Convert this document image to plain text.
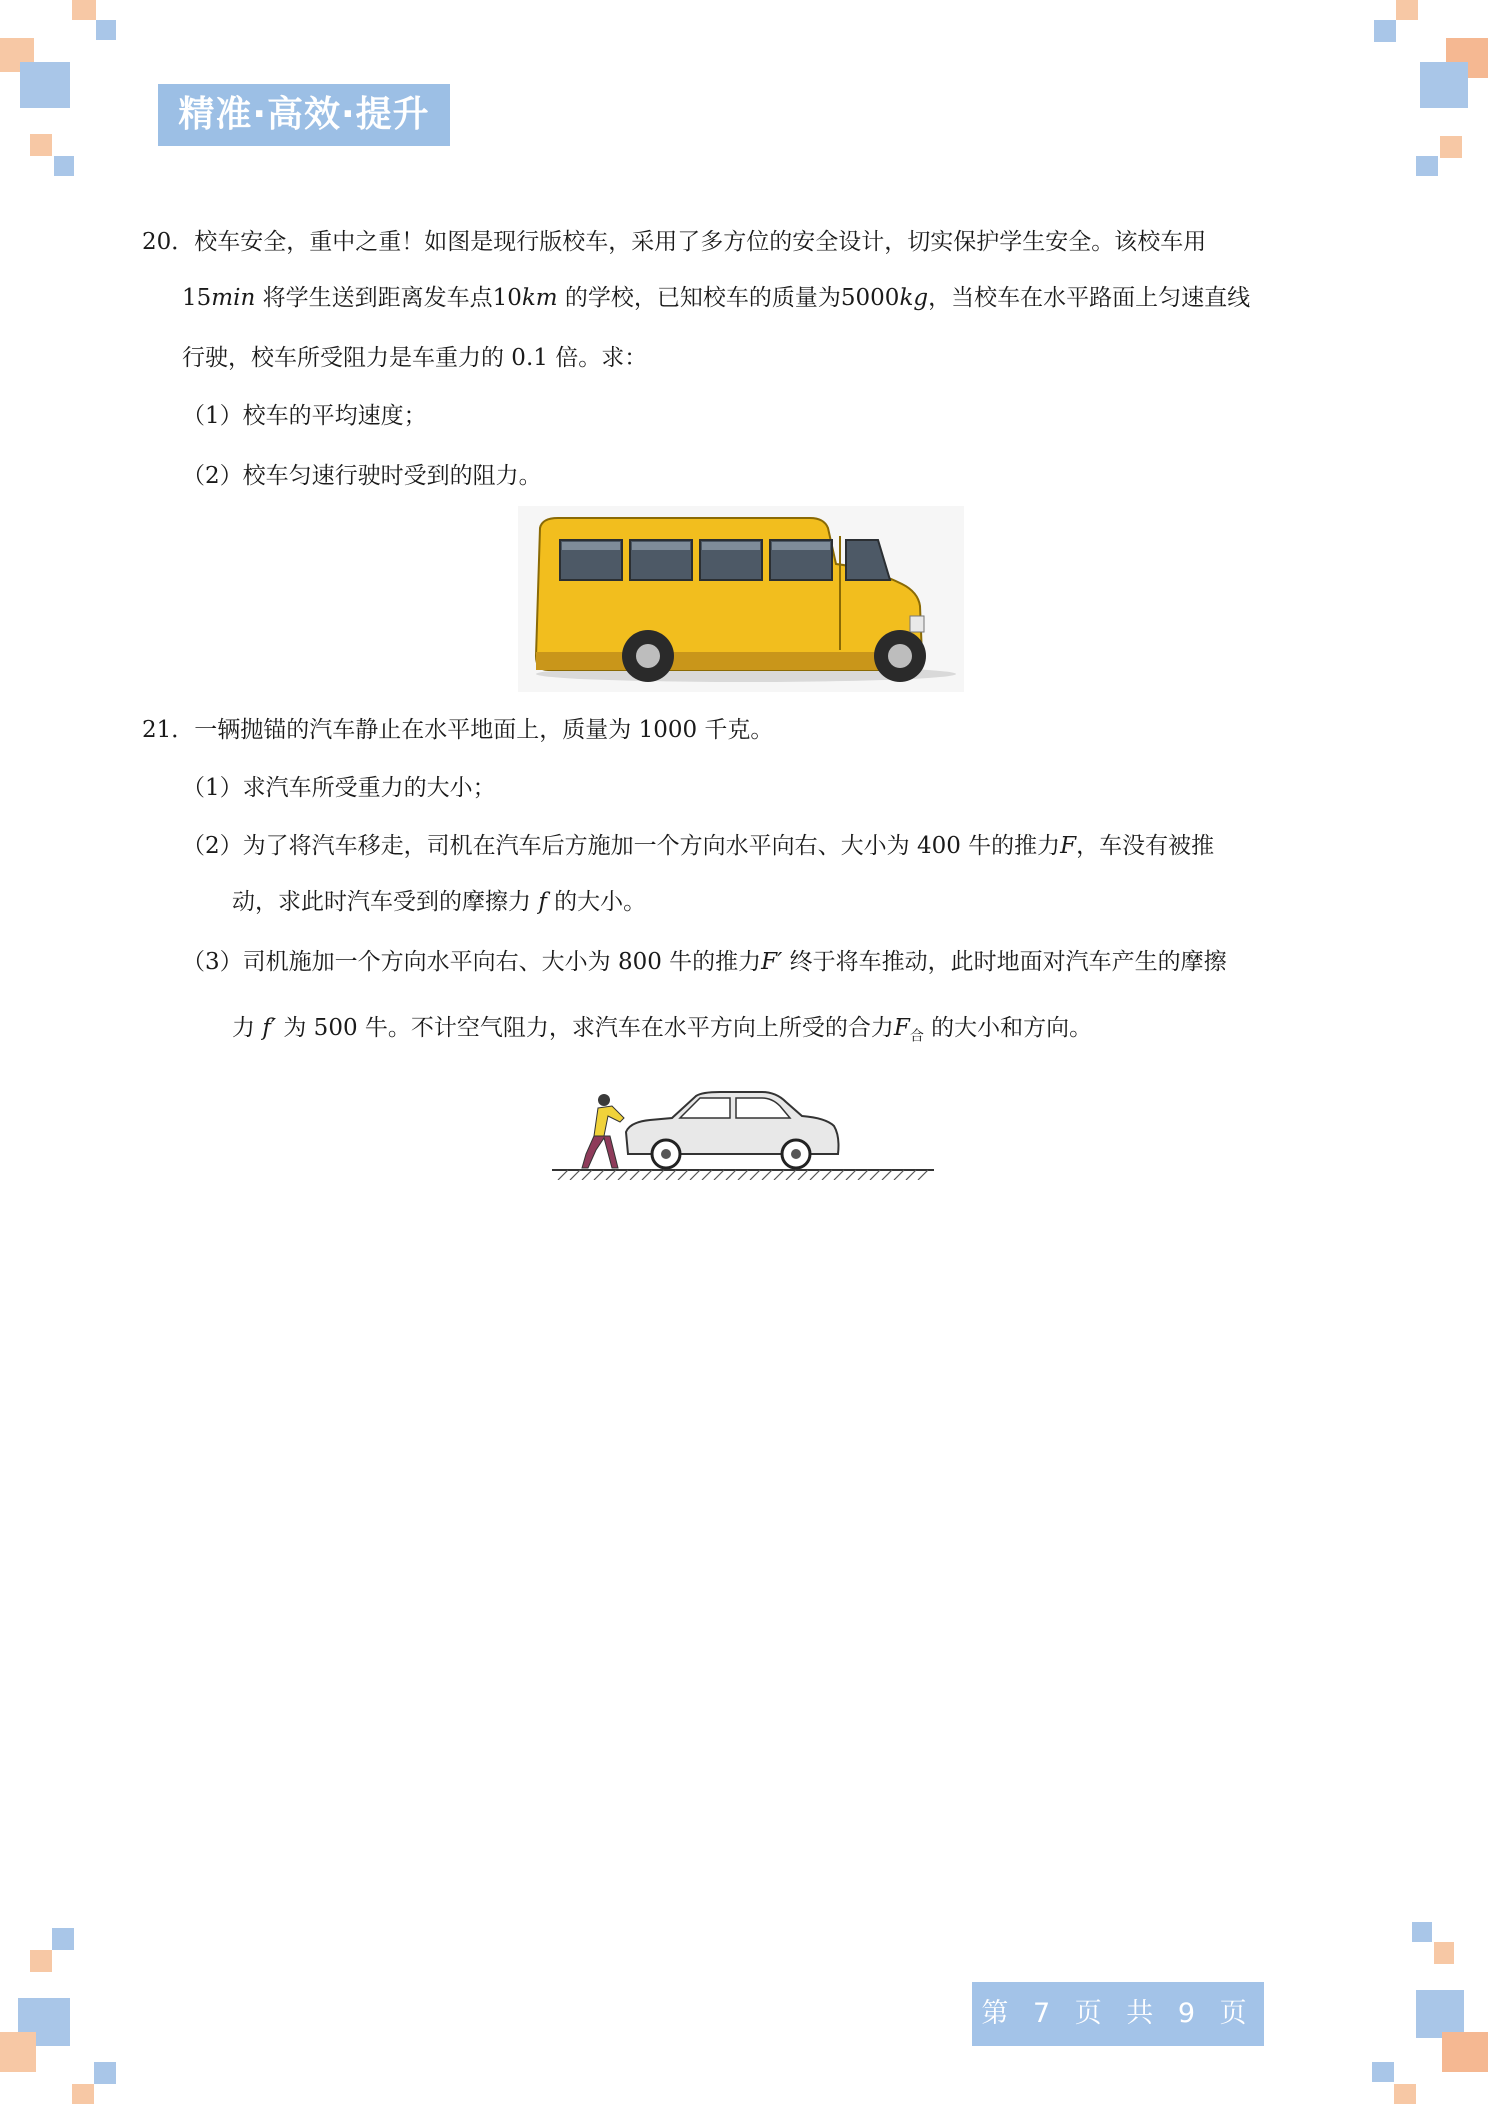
精准·高效·提升
20．校车安全，重中之重！如图是现行版校车，采用了多方位的安全设计，切实保护学生安全。该校车用
15min 将学生送到距离发车点10km 的学校，已知校车的质量为5000kg，当校车在水平路面上匀速直线
行驶，校车所受阻力是车重力的 0.1 倍。求：
（1）校车的平均速度；
（2）校车匀速行驶时受到的阻力。
21．一辆抛锚的汽车静止在水平地面上，质量为 1000 千克。
（1）求汽车所受重力的大小；
（2）为了将汽车移走，司机在汽车后方施加一个方向水平向右、大小为 400 牛的推力F，车没有被推
动，求此时汽车受到的摩擦力 f 的大小。
（3）司机施加一个方向水平向右、大小为 800 牛的推力F′ 终于将车推动，此时地面对汽车产生的摩擦
力 f′ 为 500 牛。不计空气阻力，求汽车在水平方向上所受的合力$F_合$ 的大小和方向。
第 7 页 共 9 页
